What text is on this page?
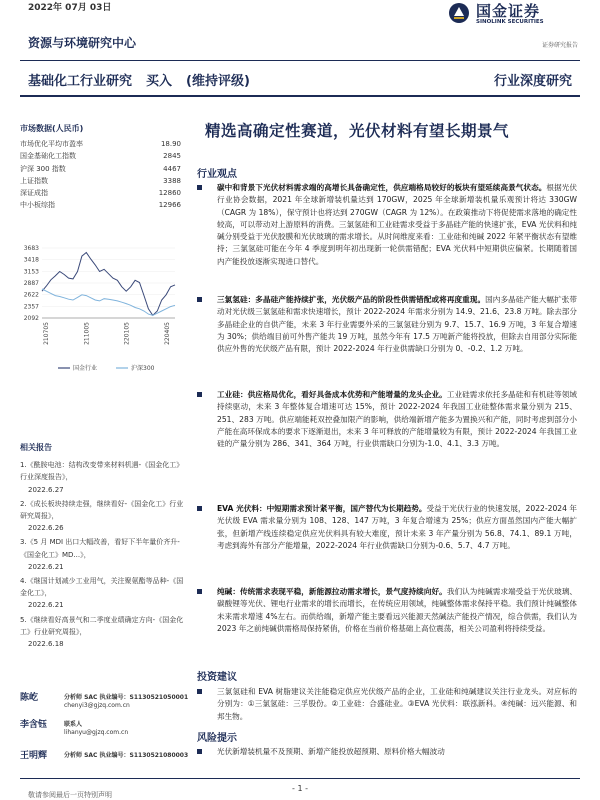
2022年 07月 03日
资源与环境研究中心
国金证券
SINOLINK SECURITIES
证券研究报告
基础化工行业研究 买入 (维持评级)	行业深度研究
市场数据(人民币)
市场优化平均市盈率	18.90
国金基础化工指数	2845
沪深 300 指数	4467
上证指数	3388
深证成指	12860
中小板综指	12966
3683
3418
3153
2887
2622
2357
2092
210705	211005	220105	220405
国金行业	沪深300
相关报告
1.《酰胺电池：结构改变带来材料机遇-《国金化工》行业深度报告》，
2022.6.27
2.《成长板块持续走强，继续看好-《国金化工》行业研究周报》，
2022.6.26
3.《5 月 MDI 出口大幅改善，看好下半年量价齐升-《国金化工》MD...》，
2022.6.21
4.《继国计划减少工业用气，关注聚氨酯等品种-《国金化工》，
2022.6.21
5.《继续看好高景气和二季度业绩确定方向-《国金化工》行业研究周报》，
2022.6.18
陈屹	分析师 SAC 执业编号：S1130521050001
chenyi3@gjzq.com.cn
李含钰	联系人
lihanyu@gjzq.com.cn
王明辉	分析师 SAC 执业编号：S1130521080003
精选高确定性赛道，光伏材料有望长期景气
行业观点
碳中和背景下光伏材料需求端的高增长具备确定性，供应端格局较好的板块有望延续高景气状态。根据光伏行业协会数据，2021 年全球新增装机量达到 170GW，2025 年全球新增装机量乐观预计将达 330GW（CAGR 为 18%），保守预计也将达到 270GW（CAGR 为 12%）。在政策推动下将促使需求落地的确定性较高，可以带动对上游原料的消费。三氯氢硅和工业硅需求受益于多晶硅产能的快速扩张，EVA 光伏料和纯碱分别受益于光伏胶膜和光伏玻璃的需求增长。从时间维度来看：工业硅和纯碱 2022 年紧平衡状态有望维持；三氯氢硅可能在今年 4 季度到明年初出现新一轮供需错配；EVA 光伏料中短期供应偏紧。长期随着国内产能投放逐渐实现进口替代。
三氯氢硅：多晶硅产能持续扩张，光伏级产品的阶段性供需错配或将再度重现。国内多晶硅产能大幅扩张带动对光伏级三氯氢硅和需求快速增长，预计 2022-2024 年需求分别为 14.9、21.6、23.8 万吨。除去部分多晶硅企业的自供产能，未来 3 年行业需要外采的三氯氢硅分别为 9.7、15.7、16.9 万吨，3 年复合增速为 30%；供给端目前可外售产能共 19 万吨，虽然今年有 17.5 万吨新产能将投放，但除去自用部分实际能供应外售的光伏级产品有限，预计 2022-2024 年行业供需缺口分别为 0、-0.2、1.2 万吨。
工业硅：供应格局优化，看好具备成本优势和产能增量的龙头企业。工业硅需求依托多晶硅和有机硅等领域持续驱动，未来 3 年整体复合增速可达 15%，预计 2022-2024 年我国工业硅整体需求量分别为 215、251、283 万吨。供应端能耗双控叠加限产的影响，供给端新增产能多为置换兴和产能，同时考虑到部分小产能在高环保成本的要求下逐渐退出，未来 3 年可释放的产能增量较为有限，预计 2022-2024 年我国工业硅的产量分别为 286、341、364 万吨，行业供需缺口分别为-1.0、4.1、3.3 万吨。
EVA 光伏料：中短期需求预计紧平衡，国产替代为长期趋势。受益于光伏行业的快速发展，2022-2024 年光伏级 EVA 需求量分别为 108、128、147 万吨，3 年复合增速为 25%；供应方面虽然国内产能大幅扩张，但新增产线连续稳定供应光伏料具有较大难度，预计未来 3 年产量分别为 56.8、74.1、89.1 万吨，考虑到海外有部分产能增量，2022-2024 年行业供需缺口分别为-0.6、5.7、4.7 万吨。
纯碱：传统需求表现平稳，新能源拉动需求增长，景气度持续向好。我们认为纯碱需求端受益于光伏玻璃、碳酸锂等光伏、锂电行业需求的增长而增长，在传统应用领域，纯碱整体需求保持平稳。我们预计纯碱整体未来需求增速 4%左右。而供给端，新增产能主要看远兴能源天然碱法产能投产情况，综合供需，我们认为 2023 年之前纯碱供需格局保持紧俏，价格在当前价格基础上高位震荡，相关公司盈利将持续受益。
投资建议
三氯氢硅和 EVA 树脂建议关注能稳定供应光伏级产品的企业，工业硅和纯碱建议关注行业龙头。对应标的分别为：①三氯氢硅：三孚股份。②工业硅：合盛硅业。③EVA 光伏料：联泓新科。④纯碱：远兴能源、和邦生物。
风险提示
光伏新增装机量不及预期、新增产能投放超预期、原料价格大幅波动
- 1 -
敬请参阅最后一页特别声明
